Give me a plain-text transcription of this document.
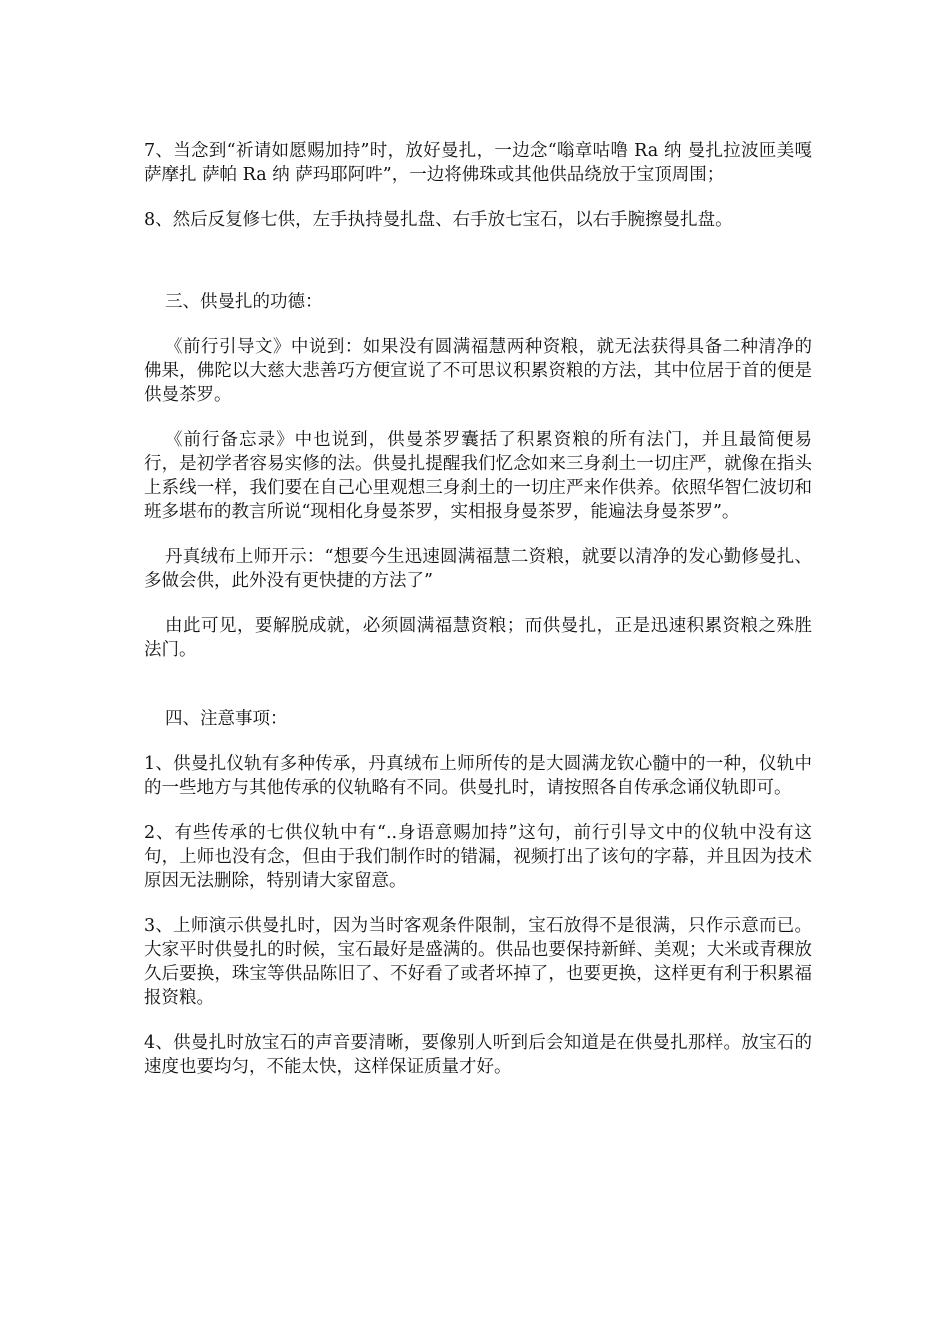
7、当念到“祈请如愿赐加持”时，放好曼扎，一边念“嗡章咕噜 Ra 纳 曼扎拉波匝美嘎萨摩扎 萨帕 Ra 纳 萨玛耶阿吽”，一边将佛珠或其他供品绕放于宝顶周围；

8、然后反复修七供，左手执持曼扎盘、右手放七宝石，以右手腕擦曼扎盘。

三、供曼扎的功德：

《前行引导文》中说到：如果没有圆满福慧两种资粮，就无法获得具备二种清净的佛果，佛陀以大慈大悲善巧方便宣说了不可思议积累资粮的方法，其中位居于首的便是供曼茶罗。

《前行备忘录》中也说到，供曼茶罗囊括了积累资粮的所有法门，并且最简便易行，是初学者容易实修的法。供曼扎提醒我们忆念如来三身刹土一切庄严，就像在指头上系线一样，我们要在自己心里观想三身刹土的一切庄严来作供养。依照华智仁波切和班多堪布的教言所说“现相化身曼茶罗，实相报身曼茶罗，能遍法身曼茶罗”。

丹真绒布上师开示：“想要今生迅速圆满福慧二资粮，就要以清净的发心勤修曼扎、多做会供，此外没有更快捷的方法了”

由此可见，要解脱成就，必须圆满福慧资粮；而供曼扎，正是迅速积累资粮之殊胜法门。

四、注意事项：

1、供曼扎仪轨有多种传承，丹真绒布上师所传的是大圆满龙钦心髓中的一种，仪轨中的一些地方与其他传承的仪轨略有不同。供曼扎时，请按照各自传承念诵仪轨即可。

2、有些传承的七供仪轨中有“..身语意赐加持”这句，前行引导文中的仪轨中没有这句，上师也没有念，但由于我们制作时的错漏，视频打出了该句的字幕，并且因为技术原因无法删除，特别请大家留意。

3、上师演示供曼扎时，因为当时客观条件限制，宝石放得不是很满，只作示意而已。大家平时供曼扎的时候，宝石最好是盛满的。供品也要保持新鲜、美观；大米或青稞放久后要换，珠宝等供品陈旧了、不好看了或者坏掉了，也要更换，这样更有利于积累福报资粮。

4、供曼扎时放宝石的声音要清晰，要像别人听到后会知道是在供曼扎那样。放宝石的速度也要均匀，不能太快，这样保证质量才好。
